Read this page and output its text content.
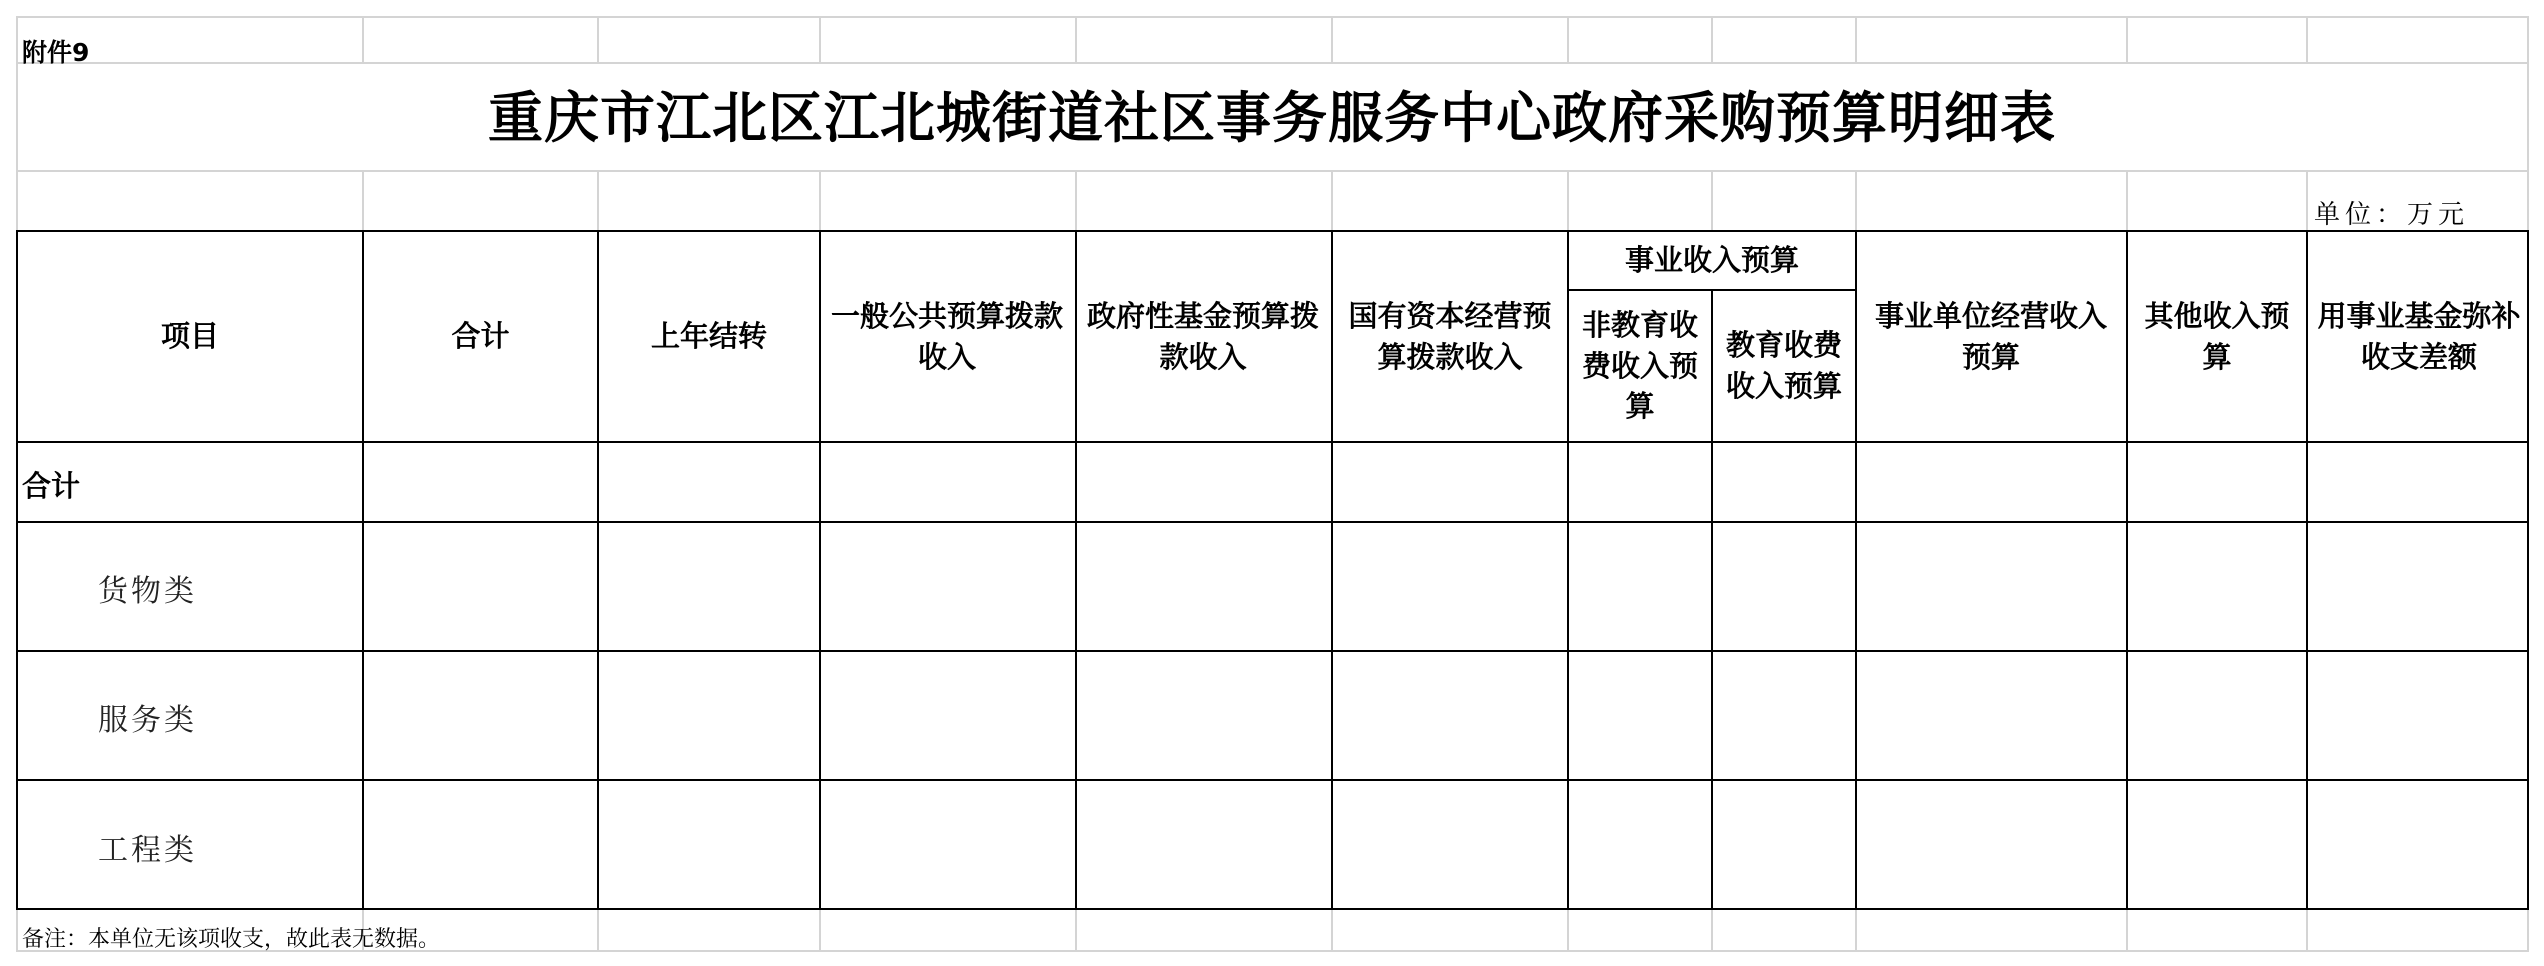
附件9
重庆市江北区江北城街道社区事务服务中心政府采购预算明细表
单位：万元
项目	合计	上年结转
一般公共预算拨款收入
政府性基金预算拨款收入
国有资本经营预算拨款收入
事业收入预算
非教育收费收入预算
教育收费收入预算
事业单位经营收入预算
其他收入预算
用事业基金弥补收支差额
合计
货物类
服务类
工程类
备注：本单位无该项收支，故此表无数据。
